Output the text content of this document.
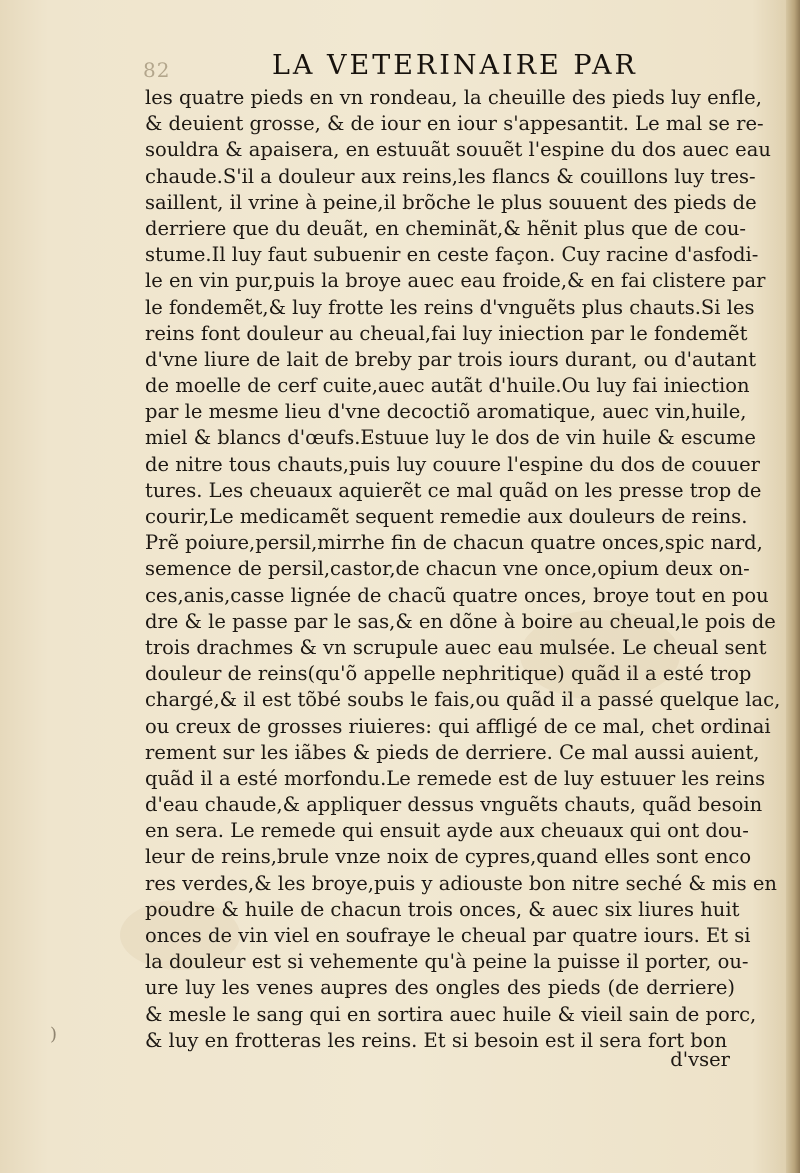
82	LA VETERINAIRE PAR
les quatre pieds en vn rondeau, la cheuille des pieds luy enfle,
& deuient grosse, & de iour en iour s'appesantit. Le mal se re-
souldra & apaisera, en estuuãt souuẽt l'espine du dos auec eau
chaude.S'il a douleur aux reins,les flancs & couillons luy tres-
saillent, il vrine à peine,il brõche le plus souuent des pieds de
derriere que du deuãt, en cheminãt,& hẽnit plus que de cou-
stume.Il luy faut subuenir en ceste façon. Cuy racine d'asfodi-
le en vin pur,puis la broye auec eau froide,& en fai clistere par
le fondemẽt,& luy frotte les reins d'vnguẽts plus chauts.Si les
reins font douleur au cheual,fai luy iniection par le fondemẽt
d'vne liure de lait de breby par trois iours durant, ou d'autant
de moelle de cerf cuite,auec autãt d'huile.Ou luy fai iniection
par le mesme lieu d'vne decoctiõ aromatique, auec vin,huile,
miel & blancs d'œufs.Estuue luy le dos de vin huile & escume
de nitre tous chauts,puis luy couure l'espine du dos de couuer
tures. Les cheuaux aquierẽt ce mal quãd on les presse trop de
courir,Le medicamẽt sequent remedie aux douleurs de reins.
Prẽ poiure,persil,mirrhe fin de chacun quatre onces,spic nard,
semence de persil,castor,de chacun vne once,opium deux on-
ces,anis,casse lignée de chacũ quatre onces, broye tout en pou
dre & le passe par le sas,& en dõne à boire au cheual,le pois de
trois drachmes & vn scrupule auec eau mulsée. Le cheual sent
douleur de reins(qu'õ appelle nephritique) quãd il a esté trop
chargé,& il est tõbé soubs le fais,ou quãd il a passé quelque lac,
ou creux de grosses riuieres: qui affligé de ce mal, chet ordinai
rement sur les iãbes & pieds de derriere. Ce mal aussi auient,
quãd il a esté morfondu.Le remede est de luy estuuer les reins
d'eau chaude,& appliquer dessus vnguẽts chauts, quãd besoin
en sera. Le remede qui ensuit ayde aux cheuaux qui ont dou-
leur de reins,brule vnze noix de cypres,quand elles sont enco
res verdes,& les broye,puis y adiouste bon nitre seché & mis en
poudre & huile de chacun trois onces, & auec six liures huit
onces de vin viel en soufraye le cheual par quatre iours. Et si
la douleur est si vehemente qu'à peine la puisse il porter, ou-
ure luy les venes aupres des ongles des pieds (de derriere)
& mesle le sang qui en sortira auec huile & vieil sain de porc,
& luy en frotteras les reins. Et si besoin est il sera fort bon
d'vser
)
